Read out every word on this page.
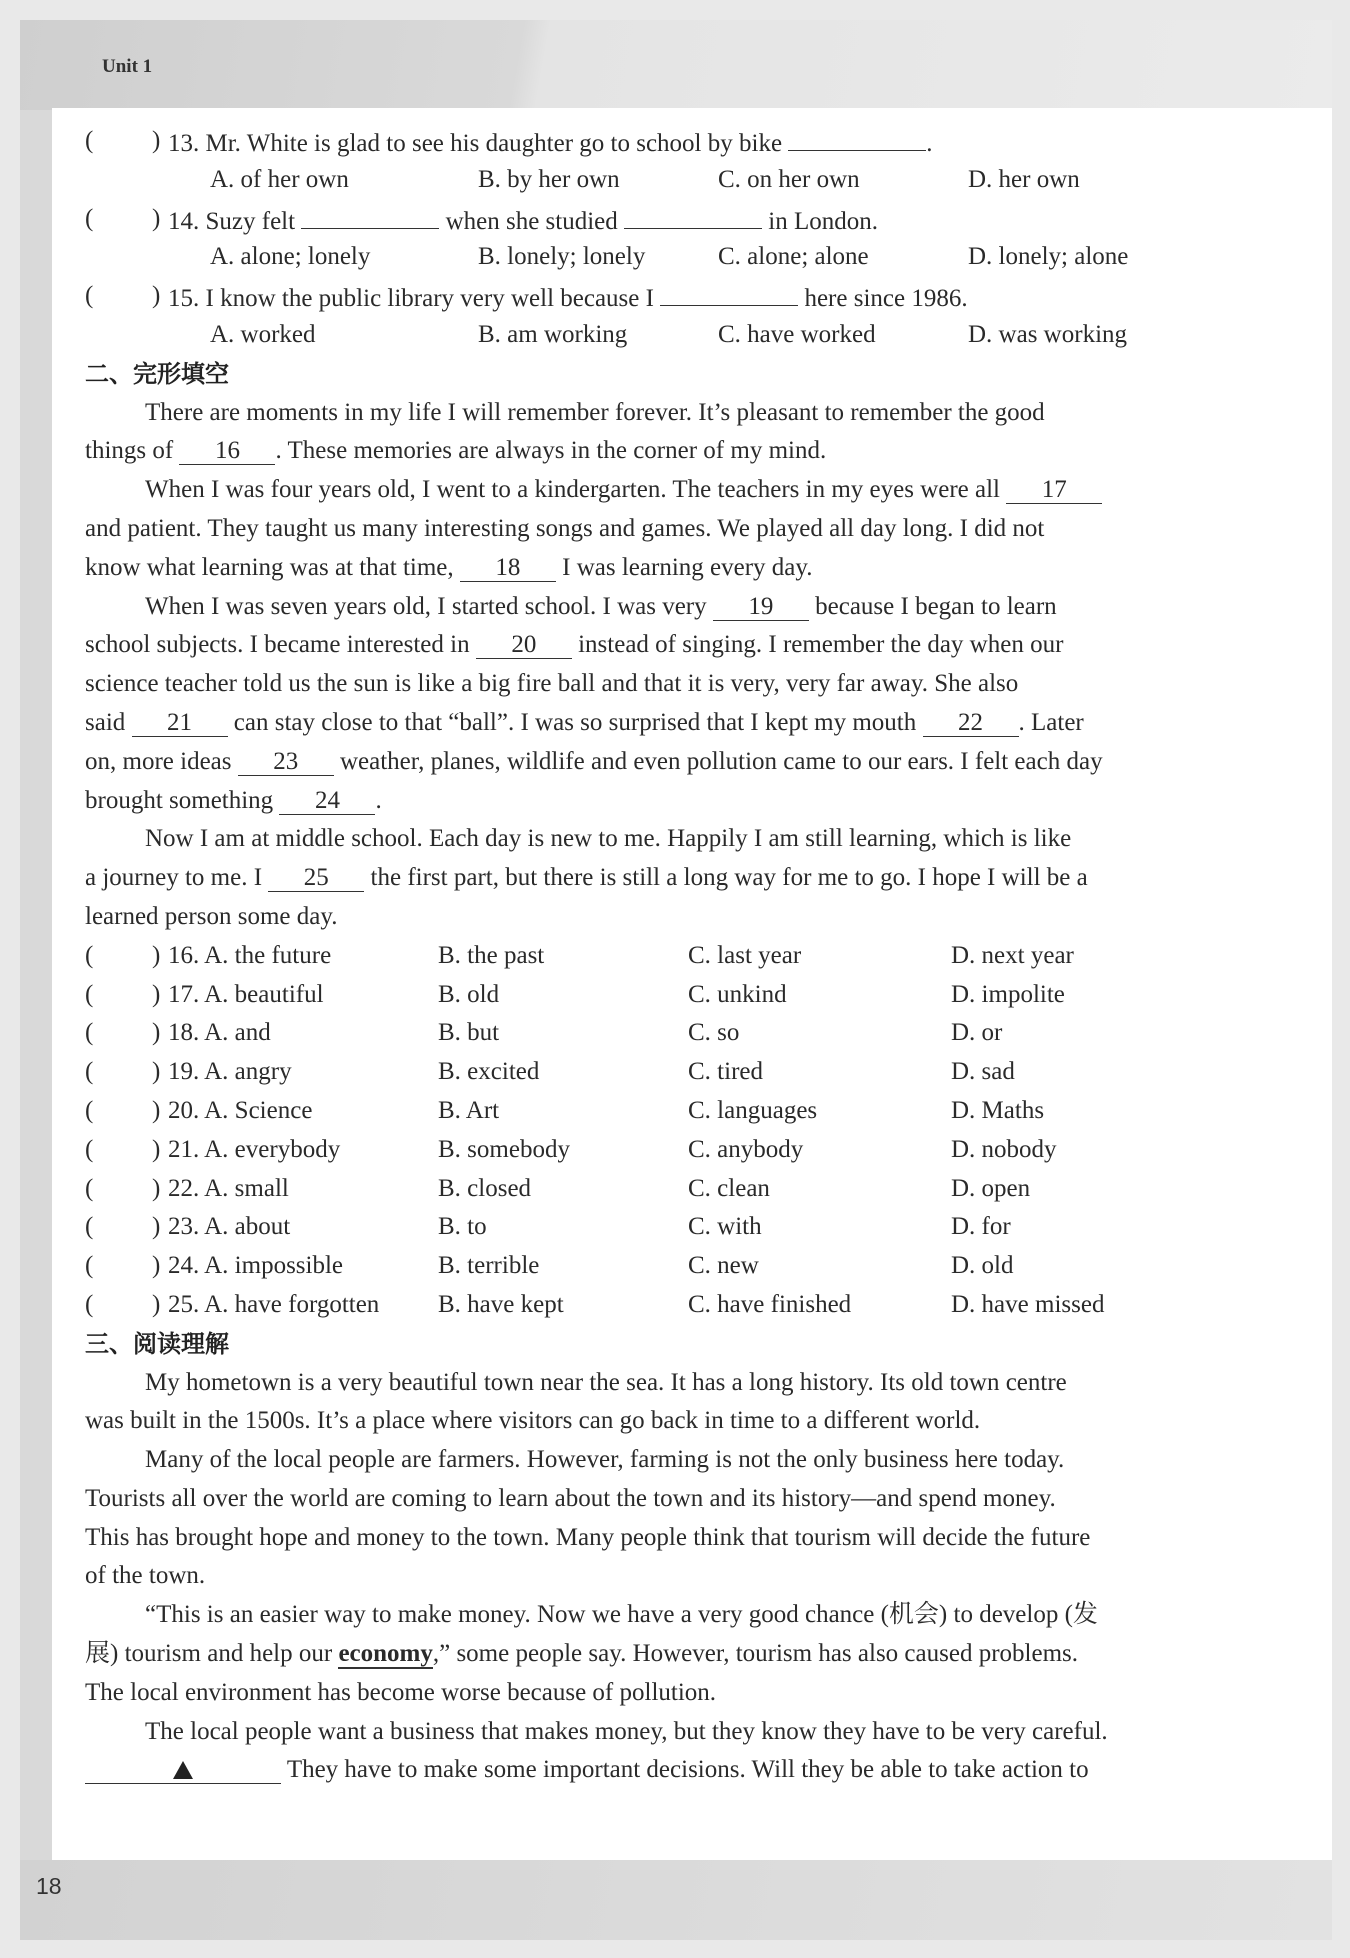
Unit 1
18
( ) 13. Mr. White is glad to see his daughter go to school by bike	.
A. of her own	B. by her own	C. on her own	D. her own
( ) 14. Suzy felt	when she studied	in London.
A. alone; lonely	B. lonely; lonely	C. alone; alone	D. lonely; alone
( ) 15. I know the public library very well because I	here since 1986.
A. worked	B. am working	C. have worked	D. was working
二、完形填空
There are moments in my life I will remember forever. It’s pleasant to remember the good
things of 16 . These memories are always in the corner of my mind.
When I was four years old, I went to a kindergarten. The teachers in my eyes were all 17
and patient. They taught us many interesting songs and games. We played all day long. I did not
know what learning was at that time, 18 I was learning every day.
When I was seven years old, I started school. I was very 19 because I began to learn
school subjects. I became interested in 20 instead of singing. I remember the day when our
science teacher told us the sun is like a big fire ball and that it is very, very far away. She also
said 21 can stay close to that “ball”. I was so surprised that I kept my mouth 22 . Later
on, more ideas 23 weather, planes, wildlife and even pollution came to our ears. I felt each day
brought something 24 .
Now I am at middle school. Each day is new to me. Happily I am still learning, which is like
a journey to me. I 25 the first part, but there is still a long way for me to go. I hope I will be a
learned person some day.
( ) 16. A. the future	B. the past	C. last year	D. next year
( ) 17. A. beautiful	B. old	C. unkind	D. impolite
( ) 18. A. and	B. but	C. so	D. or
( ) 19. A. angry	B. excited	C. tired	D. sad
( ) 20. A. Science	B. Art	C. languages	D. Maths
( ) 21. A. everybody	B. somebody	C. anybody	D. nobody
( ) 22. A. small	B. closed	C. clean	D. open
( ) 23. A. about	B. to	C. with	D. for
( ) 24. A. impossible	B. terrible	C. new	D. old
( ) 25. A. have forgotten B. have kept	C. have finished	D. have missed
三、阅读理解
My hometown is a very beautiful town near the sea. It has a long history. Its old town centre
was built in the 1500s. It’s a place where visitors can go back in time to a different world.
Many of the local people are farmers. However, farming is not the only business here today.
Tourists all over the world are coming to learn about the town and its history—and spend money.
This has brought hope and money to the town. Many people think that tourism will decide the future
of the town.
“This is an easier way to make money. Now we have a very good chance (机会) to develop (发
展) tourism and help our economy,” some people say. However, tourism has also caused problems.
The local environment has become worse because of pollution.
The local people want a business that makes money, but they know they have to be very careful.
They have to make some important decisions. Will they be able to take action to
